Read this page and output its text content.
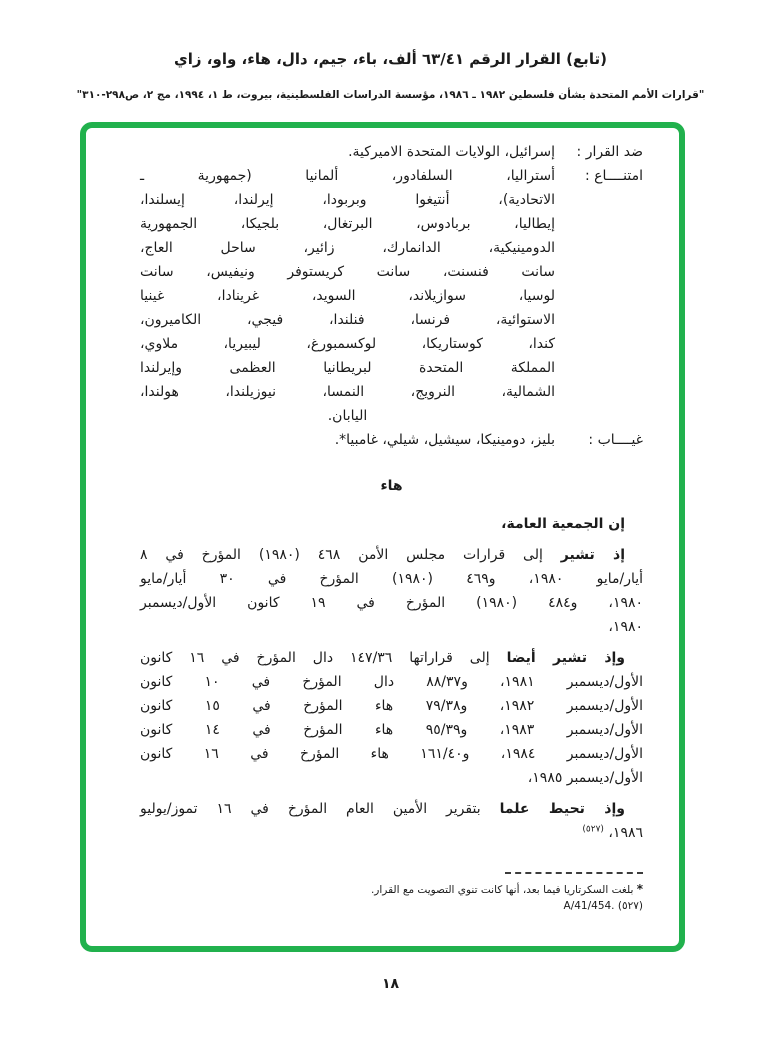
(تابع) القرار الرقم ٦٣/٤١ ألف، باء، جيم، دال، هاء، واو، زاي
"قرارات الأمم المتحدة بشأن فلسطين ١٩٨٢ ـ ١٩٨٦، مؤسسة الدراسات الفلسطينية، بيروت، ط ١، ١٩٩٤، مج ٢، ص٢٩٨-٣١٠"
ضد القرار :
إسرائيل، الولايات المتحدة الاميركية.
امتنــــاع :
أستراليا، السلفادور، ألمانيا (جمهورية ـ
الاتحادية)، أنتيغوا وبربودا، إيرلندا، إيسلندا،
إيطاليا، بربادوس، البرتغال، بلجيكا، الجمهورية
الدومينيكية، الدانمارك، زائير، ساحل العاج،
سانت فنسنت، سانت كريستوفر ونيفيس، سانت
لوسيا، سوازيلاند، السويد، غرينادا، غينيا
الاستوائية، فرنسا، فنلندا، فيجي، الكاميرون،
كندا، كوستاريكا، لوكسمبورغ، ليبيريا، ملاوي،
المملكة المتحدة لبريطانيا العظمى وإيرلندا
الشمالية، النرويج، النمسا، نيوزيلندا، هولندا،
اليابان.
غيــــاب :
بليز، دومينيكا، سيشيل، شيلي، غامبيا*.
هاء
إن الجمعية العامة،
إذ تشير إلى قرارات مجلس الأمن ٤٦٨ (١٩٨٠) المؤرخ في ٨
أيار/مايو ١٩٨٠، و٤٦٩ (١٩٨٠) المؤرخ في ٣٠ أيار/مايو
١٩٨٠، و٤٨٤ (١٩٨٠) المؤرخ في ١٩ كانون الأول/ديسمبر
١٩٨٠،
وإذ تشير أيضا إلى قراراتها ١٤٧/٣٦ دال المؤرخ في ١٦ كانون
الأول/ديسمبر ١٩٨١، و٨٨/٣٧ دال المؤرخ في ١٠ كانون
الأول/ديسمبر ١٩٨٢، و٧٩/٣٨ هاء المؤرخ في ١٥ كانون
الأول/ديسمبر ١٩٨٣، و٩٥/٣٩ هاء المؤرخ في ١٤ كانون
الأول/ديسمبر ١٩٨٤، و١٦١/٤٠ هاء المؤرخ في ١٦ كانون
الأول/ديسمبر ١٩٨٥،
وإذ تحيط علما بتقرير الأمين العام المؤرخ في ١٦ تموز/يوليو
١٩٨٦، $^{(٥٢٧)}$
* بلغت السكرتاريا فيما بعد، أنها كانت تنوي التصويت مع القرار.
(٥٢٧) A/41/454.
١٨
